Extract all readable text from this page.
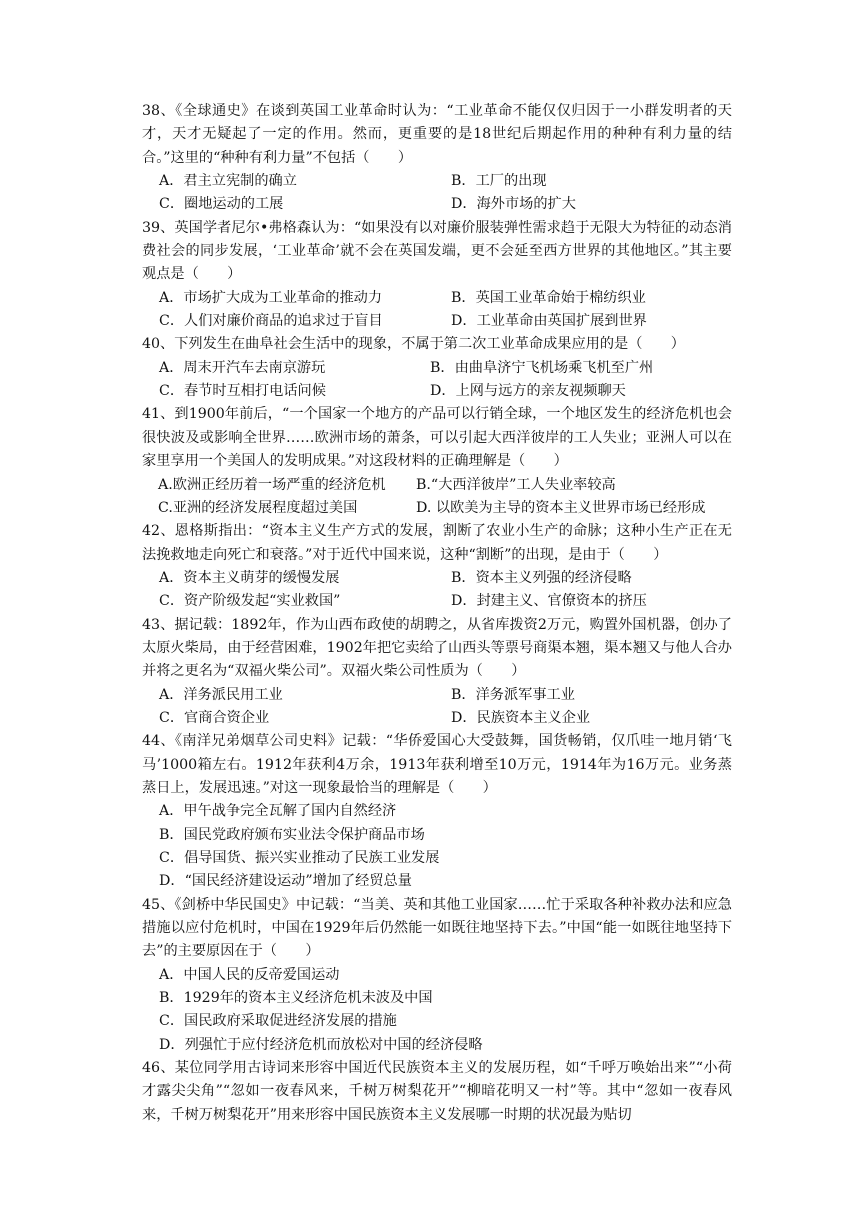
38、《全球通史》在谈到英国工业革命时认为：“工业革命不能仅仅归因于一小群发明者的天才，天才无疑起了一定的作用。然而，更重要的是18世纪后期起作用的种种有利力量的结合。”这里的“种种有利力量”不包括（　　）

A．君主立宪制的确立	B．工厂的出现
C．圈地运动的工展	D．海外市场的扩大

39、英国学者尼尔•弗格森认为：“如果没有以对廉价服装弹性需求趋于无限大为特征的动态消费社会的同步发展，‘工业革命’就不会在英国发端，更不会延至西方世界的其他地区。”其主要观点是（　　）

A．市场扩大成为工业革命的推动力	B．英国工业革命始于棉纺织业
C．人们对廉价商品的追求过于盲目	D．工业革命由英国扩展到世界

40、下列发生在曲阜社会生活中的现象，不属于第二次工业革命成果应用的是（　　）

A．周末开汽车去南京游玩	B．由曲阜济宁飞机场乘飞机至广州
C．春节时互相打电话问候	D．上网与远方的亲友视频聊天

41、到1900年前后，“一个国家一个地方的产品可以行销全球，一个地区发生的经济危机也会很快波及或影响全世界……欧洲市场的萧条，可以引起大西洋彼岸的工人失业；亚洲人可以在家里享用一个美国人的发明成果。”对这段材料的正确理解是（　　）

A.欧洲正经历着一场严重的经济危机	B.“大西洋彼岸”工人失业率较高
C.亚洲的经济发展程度超过美国	D. 以欧美为主导的资本主义世界市场已经形成

42、恩格斯指出：“资本主义生产方式的发展，割断了农业小生产的命脉；这种小生产正在无法挽救地走向死亡和衰落。”对于近代中国来说，这种“割断”的出现，是由于（　　）

A．资本主义萌芽的缓慢发展	B．资本主义列强的经济侵略
C．资产阶级发起“实业救国”	D．封建主义、官僚资本的挤压

43、据记载：1892年，作为山西布政使的胡聘之，从省库拨资2万元，购置外国机器，创办了太原火柴局，由于经营困难，1902年把它卖给了山西头等票号商渠本翘，渠本翘又与他人合办并将之更名为“双福火柴公司”。双福火柴公司性质为（　　）

A．洋务派民用工业	B．洋务派军事工业
C．官商合资企业	D．民族资本主义企业

44、《南洋兄弟烟草公司史料》记载：“华侨爱国心大受鼓舞，国货畅销，仅爪哇一地月销‘飞马’1000箱左右。1912年获利4万余，1913年获利增至10万元，1914年为16万元。业务蒸蒸日上，发展迅速。”对这一现象最恰当的理解是（　　）

A．甲午战争完全瓦解了国内自然经济
B．国民党政府颁布实业法令保护商品市场
C．倡导国货、振兴实业推动了民族工业发展
D．“国民经济建设运动”增加了经贸总量

45、《剑桥中华民国史》中记载：“当美、英和其他工业国家……忙于采取各种补救办法和应急措施以应付危机时，中国在1929年后仍然能一如既往地坚持下去。”中国“能一如既往地坚持下去”的主要原因在于（　　）

A．中国人民的反帝爱国运动
B．1929年的资本主义经济危机未波及中国
C．国民政府采取促进经济发展的措施
D．列强忙于应付经济危机而放松对中国的经济侵略

46、某位同学用古诗词来形容中国近代民族资本主义的发展历程，如“千呼万唤始出来”“小荷才露尖尖角”“忽如一夜春风来，千树万树梨花开”“柳暗花明又一村”等。其中“忽如一夜春风来，千树万树梨花开”用来形容中国民族资本主义发展哪一时期的状况最为贴切
